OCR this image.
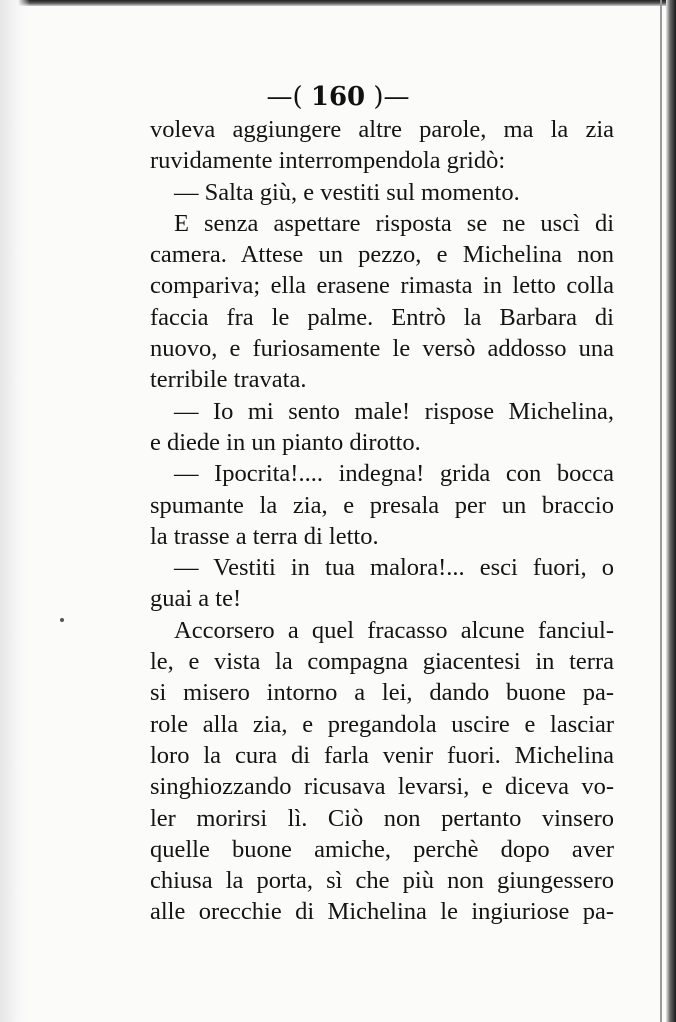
—( 160 )—
voleva aggiungere altre parole, ma la zia
ruvidamente interrompendola gridò:
— Salta giù, e vestiti sul momento.
E senza aspettare risposta se ne uscì di
camera. Attese un pezzo, e Michelina non
compariva; ella erasene rimasta in letto colla
faccia fra le palme. Entrò la Barbara di
nuovo, e furiosamente le versò addosso una
terribile travata.
— Io mi sento male! rispose Michelina,
e diede in un pianto dirotto.
— Ipocrita!.... indegna! grida con bocca
spumante la zia, e presala per un braccio
la trasse a terra di letto.
— Vestiti in tua malora!... esci fuori, o
guai a te!
Accorsero a quel fracasso alcune fanciul-
le, e vista la compagna giacentesi in terra
si misero intorno a lei, dando buone pa-
role alla zia, e pregandola uscire e lasciar
loro la cura di farla venir fuori. Michelina
singhiozzando ricusava levarsi, e diceva vo-
ler morirsi lì. Ciò non pertanto vinsero
quelle buone amiche, perchè dopo aver
chiusa la porta, sì che più non giungessero
alle orecchie di Michelina le ingiuriose pa-
